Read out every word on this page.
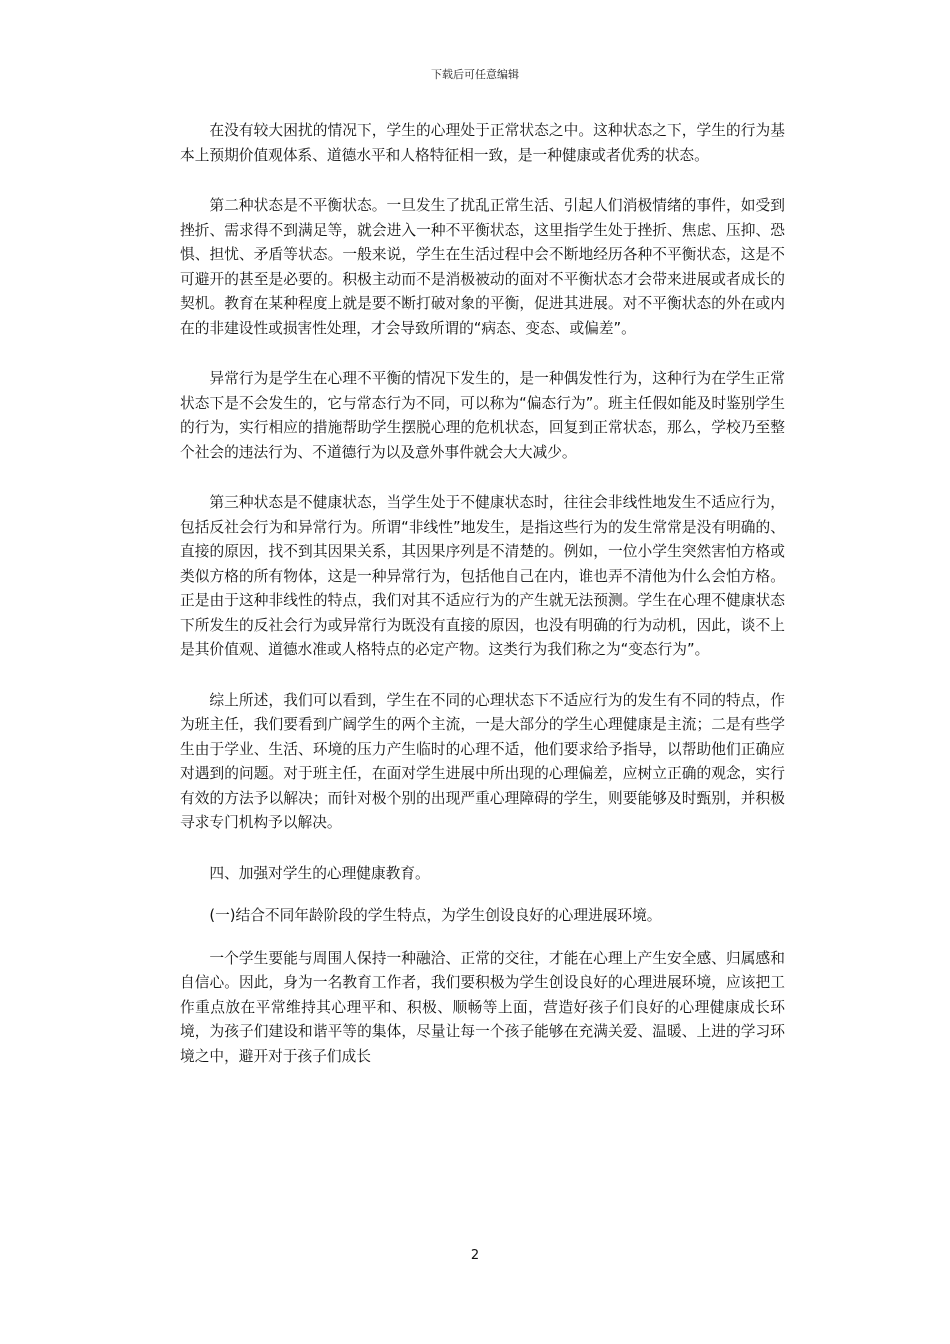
下载后可任意编辑

在没有较大困扰的情况下，学生的心理处于正常状态之中。这种状态之下，学生的行为基本上预期价值观体系、道德水平和人格特征相一致，是一种健康或者优秀的状态。

第二种状态是不平衡状态。一旦发生了扰乱正常生活、引起人们消极情绪的事件，如受到挫折、需求得不到满足等，就会进入一种不平衡状态，这里指学生处于挫折、焦虑、压抑、恐惧、担忧、矛盾等状态。一般来说，学生在生活过程中会不断地经历各种不平衡状态，这是不可避开的甚至是必要的。积极主动而不是消极被动的面对不平衡状态才会带来进展或者成长的契机。教育在某种程度上就是要不断打破对象的平衡，促进其进展。对不平衡状态的外在或内在的非建设性或损害性处理，才会导致所谓的“病态、变态、或偏差”。

异常行为是学生在心理不平衡的情况下发生的，是一种偶发性行为，这种行为在学生正常状态下是不会发生的，它与常态行为不同，可以称为“偏态行为”。班主任假如能及时鉴别学生的行为，实行相应的措施帮助学生摆脱心理的危机状态，回复到正常状态，那么，学校乃至整个社会的违法行为、不道德行为以及意外事件就会大大减少。

第三种状态是不健康状态，当学生处于不健康状态时，往往会非线性地发生不适应行为，包括反社会行为和异常行为。所谓“非线性”地发生，是指这些行为的发生常常是没有明确的、直接的原因，找不到其因果关系，其因果序列是不清楚的。例如，一位小学生突然害怕方格或类似方格的所有物体，这是一种异常行为，包括他自己在内，谁也弄不清他为什么会怕方格。正是由于这种非线性的特点，我们对其不适应行为的产生就无法预测。学生在心理不健康状态下所发生的反社会行为或异常行为既没有直接的原因，也没有明确的行为动机，因此，谈不上是其价值观、道德水准或人格特点的必定产物。这类行为我们称之为“变态行为”。

综上所述，我们可以看到，学生在不同的心理状态下不适应行为的发生有不同的特点，作为班主任，我们要看到广阔学生的两个主流，一是大部分的学生心理健康是主流；二是有些学生由于学业、生活、环境的压力产生临时的心理不适，他们要求给予指导，以帮助他们正确应对遇到的问题。对于班主任，在面对学生进展中所出现的心理偏差，应树立正确的观念，实行有效的方法予以解决；而针对极个别的出现严重心理障碍的学生，则要能够及时甄别，并积极寻求专门机构予以解决。

四、加强对学生的心理健康教育。

(一)结合不同年龄阶段的学生特点，为学生创设良好的心理进展环境。

一个学生要能与周围人保持一种融洽、正常的交往，才能在心理上产生安全感、归属感和自信心。因此，身为一名教育工作者，我们要积极为学生创设良好的心理进展环境，应该把工作重点放在平常维持其心理平和、积极、顺畅等上面，营造好孩子们良好的心理健康成长环境，为孩子们建设和谐平等的集体，尽量让每一个孩子能够在充满关爱、温暖、上进的学习环境之中，避开对于孩子们成长

2
